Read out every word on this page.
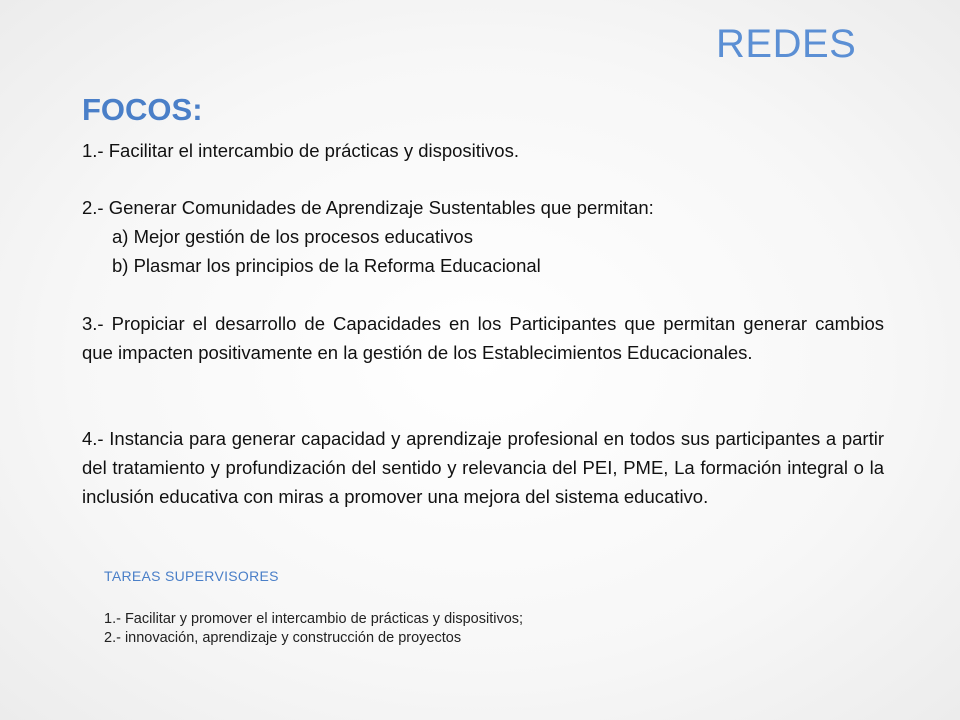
REDES
FOCOS:
1.- Facilitar el intercambio de prácticas y dispositivos.
2.- Generar Comunidades de Aprendizaje Sustentables que permitan:
a) Mejor gestión de los procesos educativos
b) Plasmar los principios de la Reforma Educacional
3.- Propiciar el desarrollo de Capacidades en los Participantes que permitan generar cambios que impacten positivamente en la gestión de los Establecimientos Educacionales.
4.- Instancia para generar capacidad y aprendizaje profesional en todos sus participantes a partir del tratamiento y profundización del sentido y relevancia del PEI, PME, La formación integral o la inclusión educativa con miras a promover una mejora del sistema educativo.
TAREAS SUPERVISORES
1.- Facilitar y promover el intercambio de prácticas y dispositivos;
2.- innovación, aprendizaje y construcción de proyectos
